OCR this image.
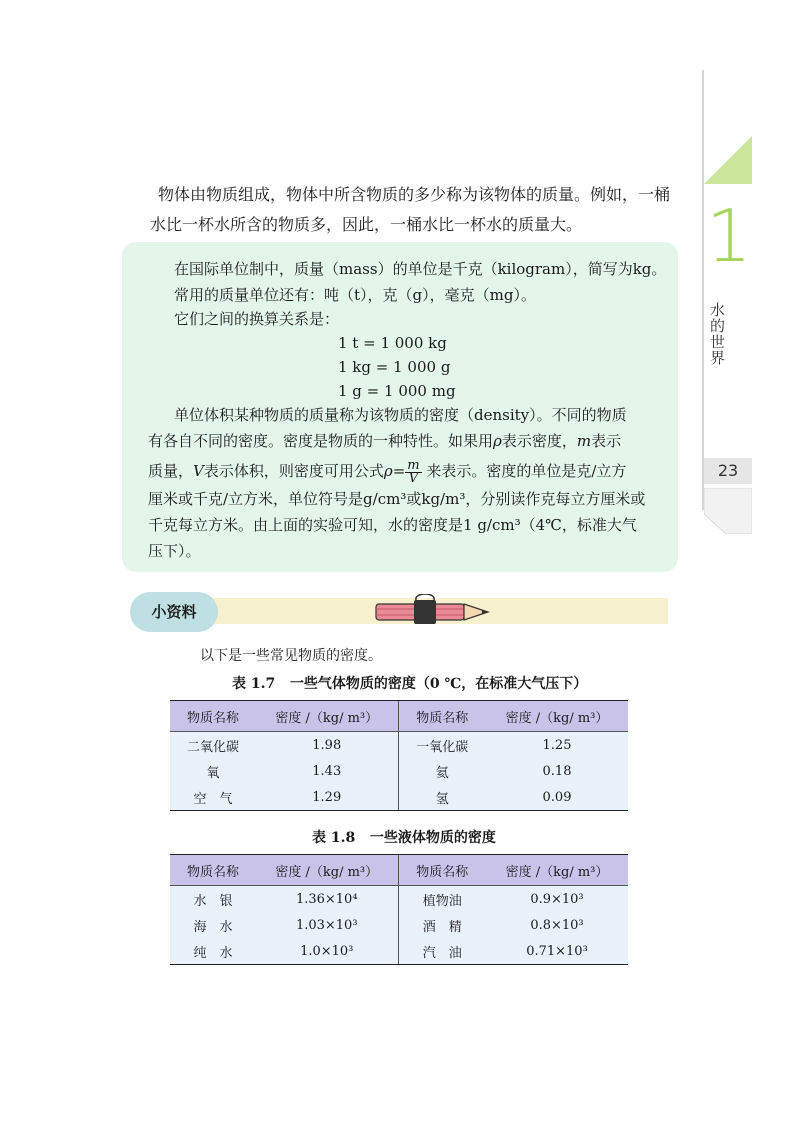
1
水的世界
23
物体由物质组成，物体中所含物质的多少称为该物体的质量。例如，一桶水比一杯水所含的物质多，因此，一桶水比一杯水的质量大。
在国际单位制中，质量（mass）的单位是千克（kilogram），简写为kg。
常用的质量单位还有：吨（t），克（g），毫克（mg）。
它们之间的换算关系是：
1 t = 1 000 kg
1 kg = 1 000 g
1 g = 1 000 mg
单位体积某种物质的质量称为该物质的密度（density）。不同的物质
有各自不同的密度。密度是物质的一种特性。如果用ρ表示密度，m表示
质量，V表示体积，则密度可用公式$\rho= \frac{m}{V}$ 来表示。密度的单位是克/立方
厘米或千克/立方米，单位符号是g/cm³或kg/m³，分别读作克每立方厘米或
千克每立方米。由上面的实验可知，水的密度是1 g/cm³（4℃，标准大气
压下）。
小资料
以下是一些常见物质的密度。
表 1.7 一些气体物质的密度（0 ℃，在标准大气压下）
物质名称	密度 /（kg/ m³）	物质名称	密度 /（kg/ m³）
二氧化碳	1.98	一氧化碳	1.25
氧	1.43	氦	0.18
空　气	1.29	氢	0.09
表 1.8 一些液体物质的密度
物质名称	密度 /（kg/ m³）	物质名称	密度 /（kg/ m³）
水　银	1.36×10⁴	植物油	0.9×10³
海　水	1.03×10³	酒　精	0.8×10³
纯　水	1.0×10³	汽　油	0.71×10³
